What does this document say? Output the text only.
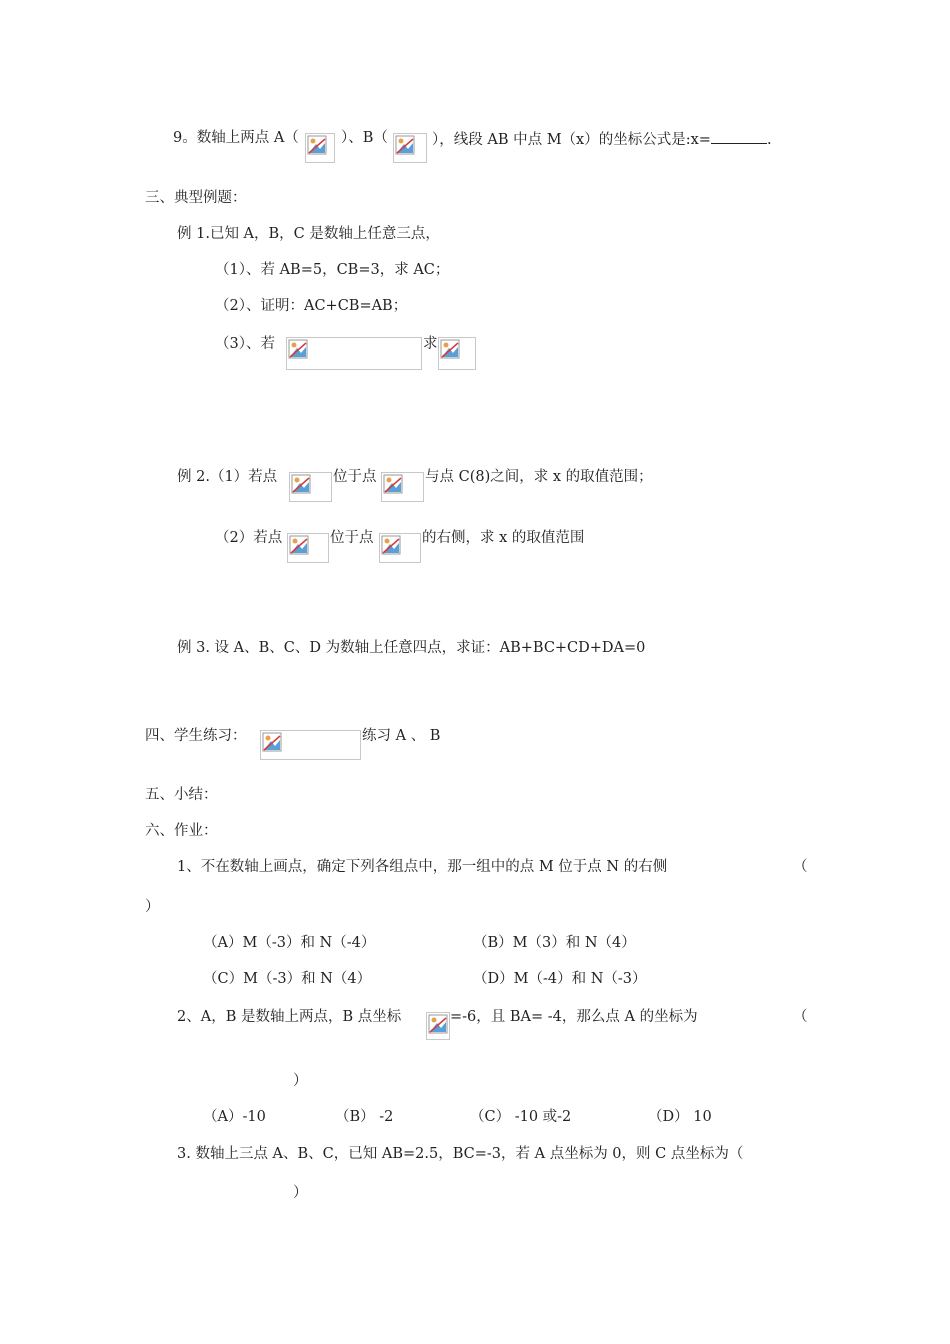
9。数轴上两点 A（	）、B（	），线段 AB 中点 M（x）的坐标公式是:x=	.
三、典型例题：
例 1.已知 A，B，C 是数轴上任意三点，
（1）、若 AB=5，CB=3，求 AC；
（2）、证明：AC+CB=AB；
（3）、若	求
例 2.（1）若点	位于点	与点 C(8)之间，求 x 的取值范围；
（2）若点	位于点	的右侧，求 x 的取值范围
例 3. 设 A、B、C、D 为数轴上任意四点，求证：AB+BC+CD+DA=0
四、学生练习：	练习 A 、 B
五、小结：
六、作业：
1、不在数轴上画点，确定下列各组点中，那一组中的点 M 位于点 N 的右侧	（
）
（A）M（-3）和 N（-4）	（B）M（3）和 N（4）
（C）M（-3）和 N（4）	（D）M（-4）和 N（-3）
2、A，B 是数轴上两点，B 点坐标	=-6，且 BA= -4，那么点 A 的坐标为	（
）
（A）-10	（B） -2	（C） -10 或-2	（D） 10
3. 数轴上三点 A、B、C，已知 AB=2.5，BC=-3，若 A 点坐标为 0，则 C 点坐标为（
）
